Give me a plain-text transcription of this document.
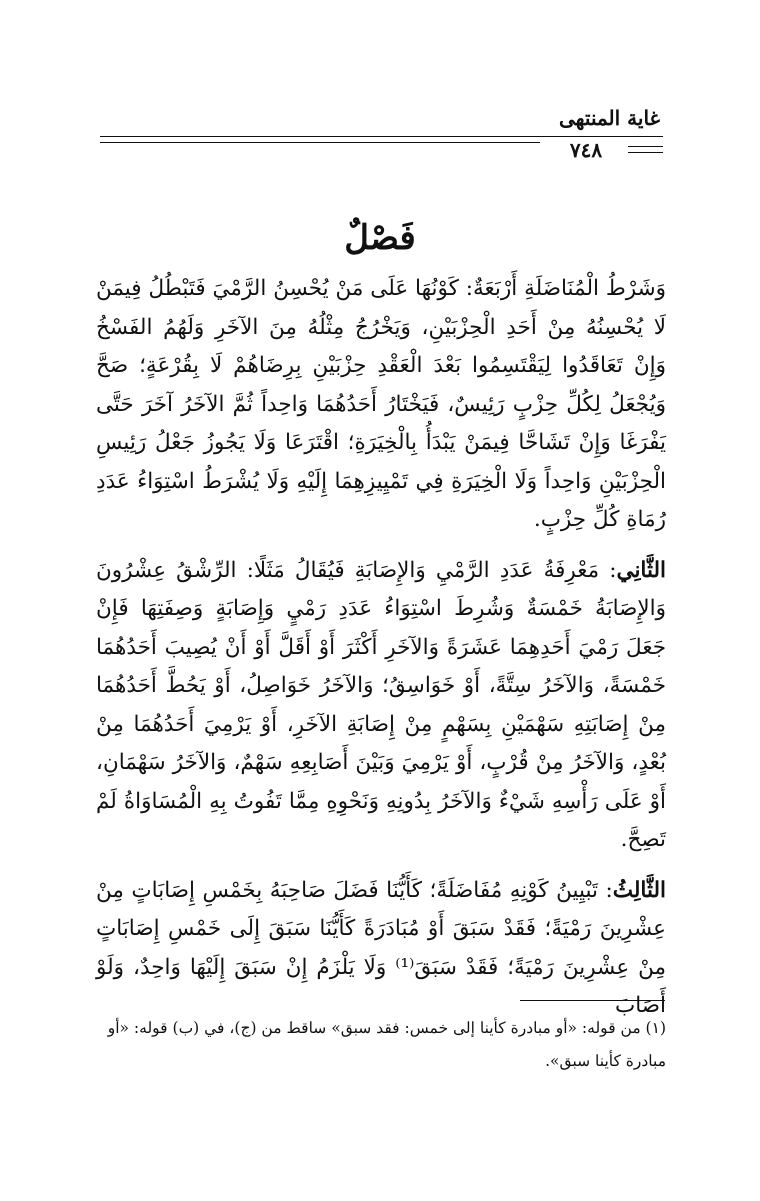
غاية المنتهى
٧٤٨
فَصْلٌ

وَشَرْطُ الْمُنَاضَلَةِ أَرْبَعَةٌ: كَوْنُهَا عَلَى مَنْ يُحْسِنُ الرَّمْيَ فَتَبْطُلُ فِيمَنْ لَا يُحْسِنُهُ مِنْ أَحَدِ الْحِزْبَيْنِ، وَيَخْرُجُ مِثْلُهُ مِنَ الآخَرِ وَلَهُمُ الفَسْخُ وَإِنْ تَعَاقَدُوا لِيَقْتَسِمُوا بَعْدَ الْعَقْدِ حِزْبَيْنِ بِرِضَاهُمْ لَا بِقُرْعَةٍ؛ صَحَّ وَيُجْعَلُ لِكُلِّ حِزْبٍ رَئِيسٌ، فَيَخْتَارُ أَحَدُهُمَا وَاحِداً ثُمَّ الآخَرُ آخَرَ حَتَّى يَفْرَغَا وَإِنْ تَشَاحَّا فِيمَنْ يَبْدَأُ بِالْخِيَرَةِ؛ اقْتَرَعَا وَلَا يَجُوزُ جَعْلُ رَئِيسِ الْحِزْبَيْنِ وَاحِداً وَلَا الْخِيَرَةِ فِي تَمْيِيزِهِمَا إِلَيْهِ وَلَا يُشْرَطُ اسْتِوَاءُ عَدَدِ رُمَاةِ كُلِّ حِزْبٍ.

الثَّانِي: مَعْرِفَةُ عَدَدِ الرَّمْيِ وَالإِصَابَةِ فَيُقَالُ مَثَلًا: الرِّشْقُ عِشْرُونَ وَالإِصَابَةُ خَمْسَةٌ وَشُرِطَ اسْتِوَاءُ عَدَدِ رَمْيٍ وَإِصَابَةٍ وَصِفَتِهَا فَإِنْ جَعَلَ رَمْيَ أَحَدِهِمَا عَشَرَةً وَالآخَرِ أَكْثَرَ أَوْ أَقَلَّ أَوْ أَنْ يُصِيبَ أَحَدُهُمَا خَمْسَةً، وَالآخَرُ سِتَّةً، أَوْ خَوَاسِقُ؛ وَالآخَرُ خَوَاصِلُ، أَوْ يَحُطَّ أَحَدُهُمَا مِنْ إِصَابَتِهِ سَهْمَيْنِ بِسَهْمٍ مِنْ إِصَابَةِ الآخَرِ، أَوْ يَرْمِيَ أَحَدُهُمَا مِنْ بُعْدٍ، وَالآخَرُ مِنْ قُرْبٍ، أَوْ يَرْمِيَ وَبَيْنَ أَصَابِعِهِ سَهْمٌ، وَالآخَرُ سَهْمَانِ، أَوْ عَلَى رَأْسِهِ شَيْءٌ وَالآخَرُ بِدُونِهِ وَنَحْوِهِ مِمَّا تَفُوتُ بِهِ الْمُسَاوَاةُ لَمْ تَصِحَّ.

الثَّالِثُ: تَبْيِينُ كَوْنِهِ مُفَاضَلَةً؛ كَأَيُّنَا فَضَلَ صَاحِبَهُ بِخَمْسِ إِصَابَاتٍ مِنْ عِشْرِينَ رَمْيَةً؛ فَقَدْ سَبَقَ أَوْ مُبَادَرَةً كَأَيُّنَا سَبَقَ إِلَى خَمْسِ إِصَابَاتٍ مِنْ عِشْرِينَ رَمْيَةً؛ فَقَدْ سَبَقَ⁽¹⁾ وَلَا يَلْزَمُ إِنْ سَبَقَ إِلَيْهَا وَاحِدٌ، وَلَوْ أَصَابَ

(١) من قوله: «أو مبادرة كأينا إلى خمس: فقد سبق» ساقط من (ج)، في (ب) قوله: «أو مبادرة كأينا سبق».
